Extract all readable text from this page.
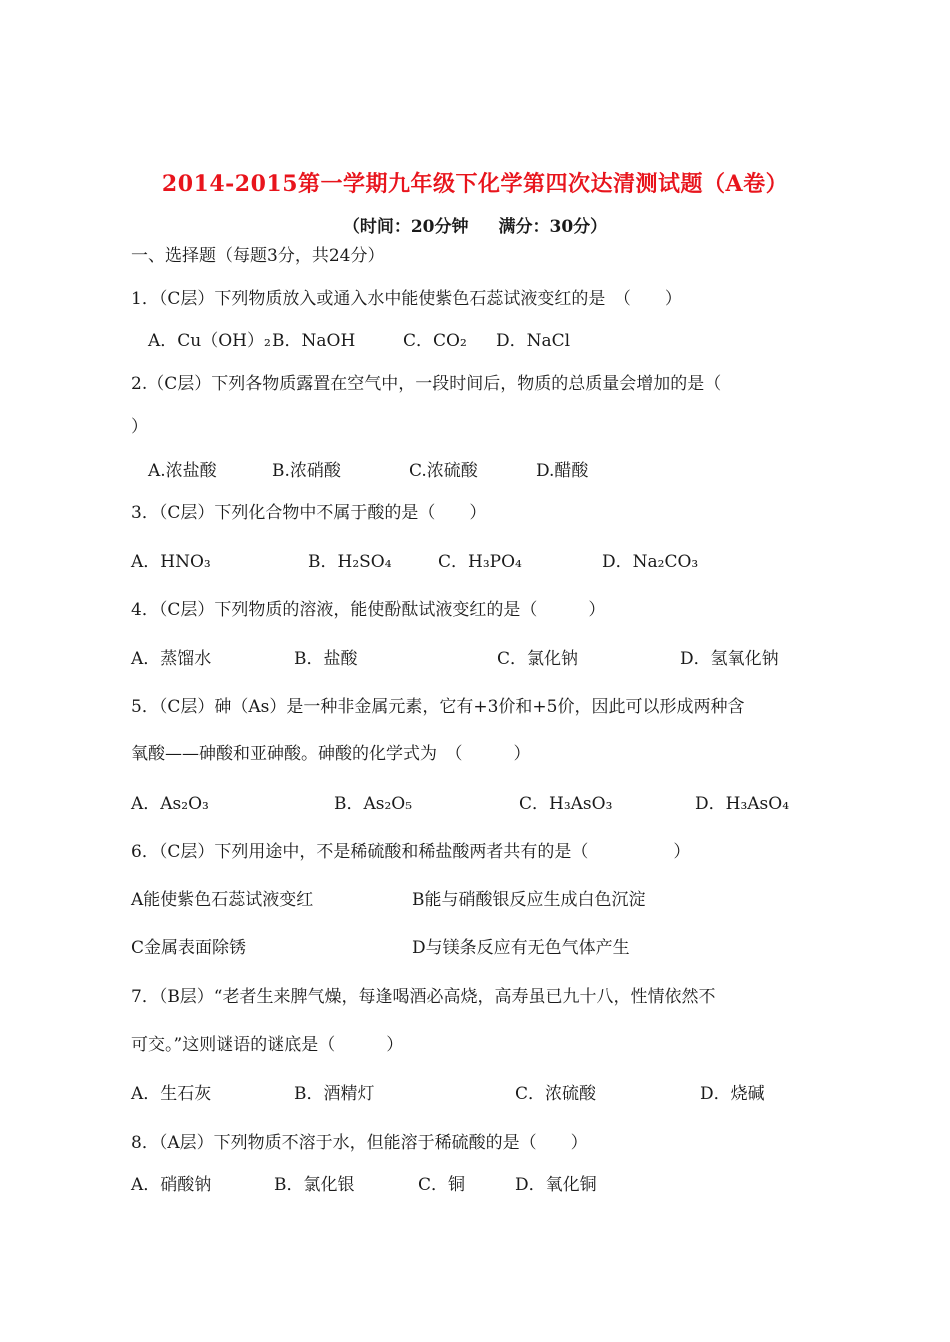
2014-2015第一学期九年级下化学第四次达清测试题（A卷）
（时间：20分钟 满分：30分）
一、选择题（每题3分，共24分）
1．（C层）下列物质放入或通入水中能使紫色石蕊试液变红的是　（　　）
A．Cu（OH）₂ B．NaOH	C．CO₂ D．NaCl
2.（C层）下列各物质露置在空气中，一段时间后，物质的总质量会增加的是（
）
A.浓盐酸	B.浓硝酸	C.浓硫酸	D.醋酸
3．（C层）下列化合物中不属于酸的是（　　）
A．HNO₃	B．H₂SO₄	C．H₃PO₄	D．Na₂CO₃
4．（C层）下列物质的溶液，能使酚酞试液变红的是（　　　）
A．蒸馏水	B．盐酸	C．氯化钠	D．氢氧化钠
5．（C层）砷（As）是一种非金属元素，它有+3价和+5价，因此可以形成两种含
氧酸——砷酸和亚砷酸。砷酸的化学式为　（　　　）
A．As₂O₃	B．As₂O₅	C．H₃AsO₃	D．H₃AsO₄
6．（C层）下列用途中，不是稀硫酸和稀盐酸两者共有的是（　　　　　）
A能使紫色石蕊试液变红	B能与硝酸银反应生成白色沉淀
C金属表面除锈	D与镁条反应有无色气体产生
7．（B层）“老者生来脾气燥，每逢喝酒必高烧，高寿虽已九十八，性情依然不
可交。”这则谜语的谜底是（　　　）
A．生石灰	B．酒精灯	C．浓硫酸	D．烧碱
8．（A层）下列物质不溶于水，但能溶于稀硫酸的是（　　）
A．硝酸钠	B．氯化银	C．铜	D．氧化铜
